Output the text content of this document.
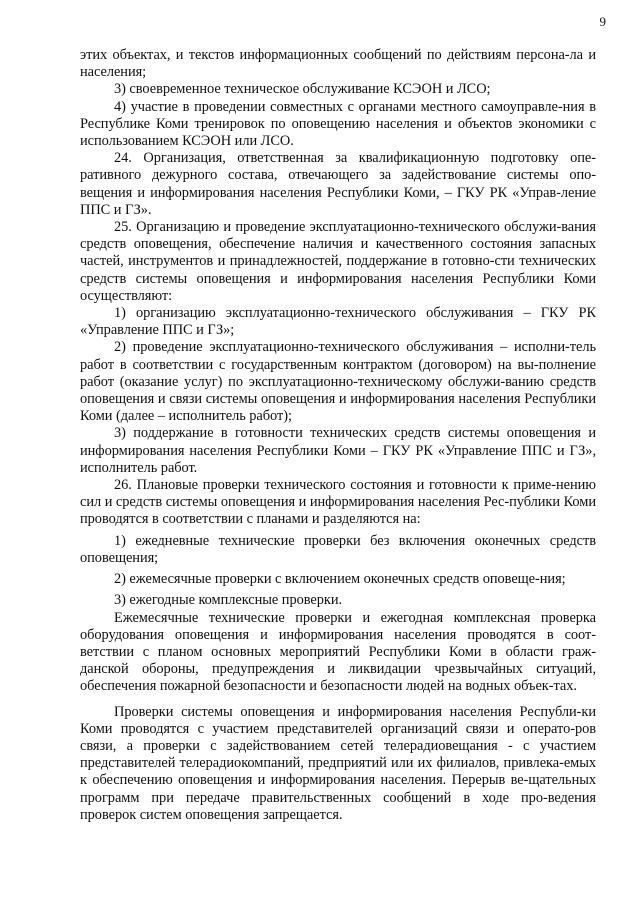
9

этих объектах, и текстов информационных сообщений по действиям персона-ла и населения;

3) своевременное техническое обслуживание КСЭОН и ЛСО;

4) участие в проведении совместных с органами местного самоуправле-ния в Республике Коми тренировок по оповещению населения и объектов экономики с использованием КСЭОН или ЛСО.

24. Организация, ответственная за квалификационную подготовку опе-ративного дежурного состава, отвечающего за задействование системы опо-вещения и информирования населения Республики Коми, – ГКУ РК «Управ-ление ППС и ГЗ».

25. Организацию и проведение эксплуатационно-технического обслужи-вания средств оповещения, обеспечение наличия и качественного состояния запасных частей, инструментов и принадлежностей, поддержание в готовно-сти технических средств системы оповещения и информирования населения Республики Коми осуществляют:

1) организацию эксплуатационно-технического обслуживания – ГКУ РК «Управление ППС и ГЗ»;

2) проведение эксплуатационно-технического обслуживания – исполни-тель работ в соответствии с государственным контрактом (договором) на вы-полнение работ (оказание услуг) по эксплуатационно-техническому обслужи-ванию средств оповещения и связи системы оповещения и информирования населения Республики Коми (далее – исполнитель работ);

3) поддержание в готовности технических средств системы оповещения и информирования населения Республики Коми – ГКУ РК «Управление ППС и ГЗ», исполнитель работ.

26. Плановые проверки технического состояния и готовности к приме-нению сил и средств системы оповещения и информирования населения Рес-публики Коми проводятся в соответствии с планами и разделяются на:

1) ежедневные технические проверки без включения оконечных средств оповещения;

2) ежемесячные проверки с включением оконечных средств оповеще-ния;

3) ежегодные комплексные проверки.

Ежемесячные технические проверки и ежегодная комплексная проверка оборудования оповещения и информирования населения проводятся в соот-ветствии с планом основных мероприятий Республики Коми в области граж-данской обороны, предупреждения и ликвидации чрезвычайных ситуаций, обеспечения пожарной безопасности и безопасности людей на водных объек-тах.

Проверки системы оповещения и информирования населения Республи-ки Коми проводятся с участием представителей организаций связи и операто-ров связи, а проверки с задействованием сетей телерадиовещания - с участием представителей телерадиокомпаний, предприятий или их филиалов, привлека-емых к обеспечению оповещения и информирования населения. Перерыв ве-щательных программ при передаче правительственных сообщений в ходе про-ведения проверок систем оповещения запрещается.
